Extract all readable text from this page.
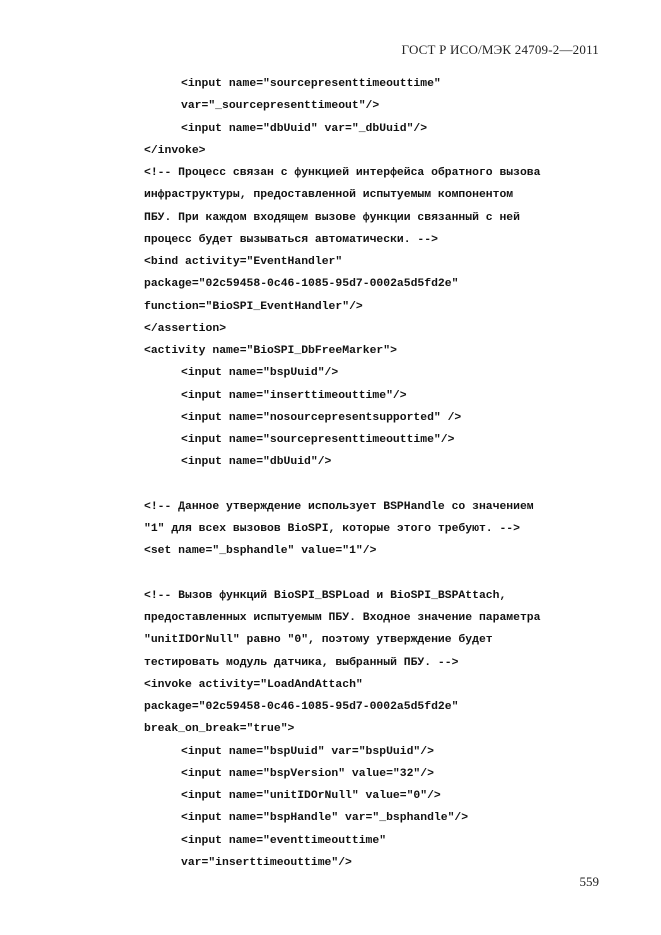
ГОСТ Р ИСО/МЭК 24709-2—2011
<input name="sourcepresenttimeouttime"
var="_sourcepresenttimeout"/>
<input name="dbUuid" var="_dbUuid"/>
</invoke>
<!-- Процесс связан с функцией интерфейса обратного вызова
инфраструктуры, предоставленной испытуемым компонентом
ПБУ. При каждом входящем вызове функции связанный с ней
процесс будет вызываться автоматически. -->
<bind activity="EventHandler"
package="02c59458-0c46-1085-95d7-0002a5d5fd2e"
function="BioSPI_EventHandler"/>
</assertion>
<activity name="BioSPI_DbFreeMarker">
<input name="bspUuid"/>
<input name="inserttimeouttime"/>
<input name="nosourcepresentsupported" />
<input name="sourcepresenttimeouttime"/>
<input name="dbUuid"/>
<!-- Данное утверждение использует BSPHandle со значением
"1" для всех вызовов BioSPI, которые этого требуют. -->
<set name="_bsphandle" value="1"/>
<!-- Вызов функций BioSPI_BSPLoad и BioSPI_BSPAttach,
предоставленных испытуемым ПБУ. Входное значение параметра
"unitIDOrNull" равно "0", поэтому утверждение будет
тестировать модуль датчика, выбранный ПБУ. -->
<invoke activity="LoadAndAttach"
package="02c59458-0c46-1085-95d7-0002a5d5fd2e"
break_on_break="true">
<input name="bspUuid" var="bspUuid"/>
<input name="bspVersion" value="32"/>
<input name="unitIDOrNull" value="0"/>
<input name="bspHandle" var="_bsphandle"/>
<input name="eventtimeouttime"
var="inserttimeouttime"/>
559
